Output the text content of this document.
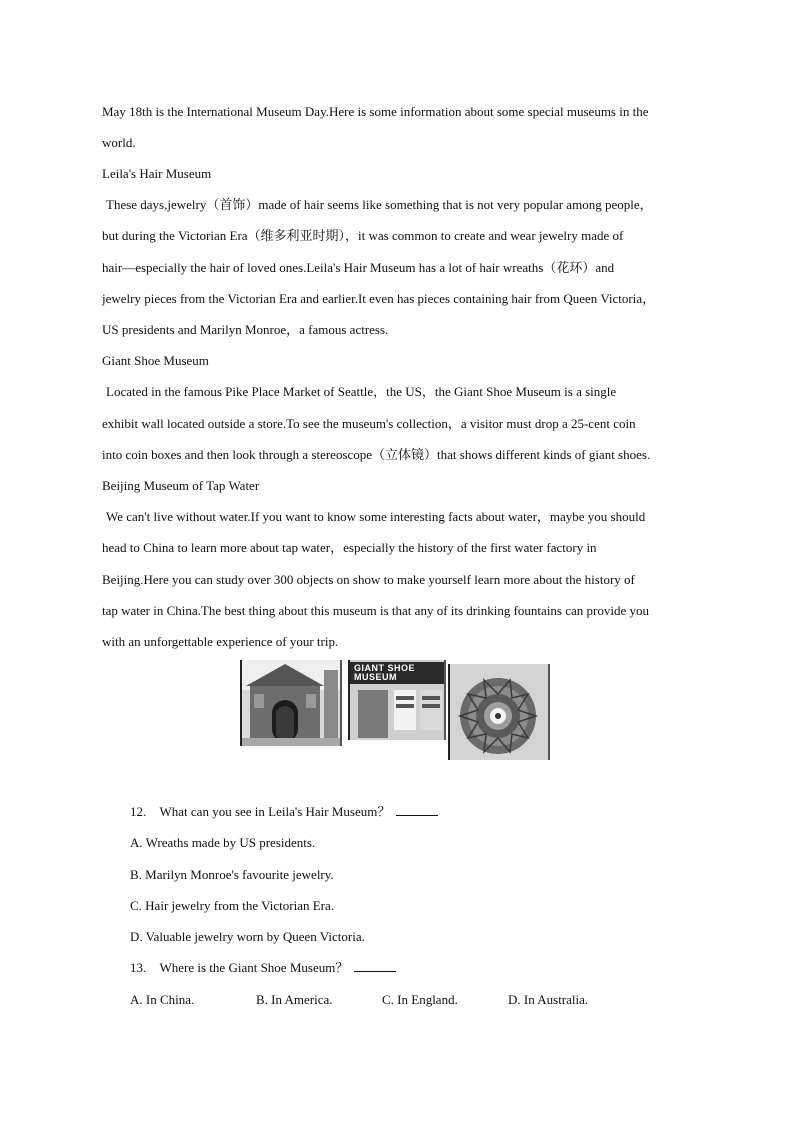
May 18th is the International Museum Day.Here is some information about some special museums in the
world.
Leila's Hair Museum
These days,jewelry（首饰）made of hair seems like something that is not very popular among people，
but during the Victorian Era（维多利亚时期），it was common to create and wear jewelry made of
hair—especially the hair of loved ones.Leila's Hair Museum has a lot of hair wreaths（花环）and
jewelry pieces from the Victorian Era and earlier.It even has pieces containing hair from Queen Victoria，
US presidents and Marilyn Monroe，a famous actress.
Giant Shoe Museum
Located in the famous Pike Place Market of Seattle，the US，the Giant Shoe Museum is a single
exhibit wall located outside a store.To see the museum's collection，a visitor must drop a 25-cent coin
into coin boxes and then look through a stereoscope（立体镜）that shows different kinds of giant shoes.
Beijing Museum of Tap Water
We can't live without water.If you want to know some interesting facts about water，maybe you should
head to China to learn more about tap water，especially the history of the first water factory in
Beijing.Here you can study over 300 objects on show to make yourself learn more about the history of
tap water in China.The best thing about this museum is that any of its drinking fountains can provide you
with an unforgettable experience of your trip.
GIANT SHOE MUSEUM
12. What can you see in Leila's Hair Museum？
A. Wreaths made by US presidents.
B. Marilyn Monroe's favourite jewelry.
C. Hair jewelry from the Victorian Era.
D. Valuable jewelry worn by Queen Victoria.
13. Where is the Giant Shoe Museum？
A. In China.	B. In America.	C. In England.	D. In Australia.
